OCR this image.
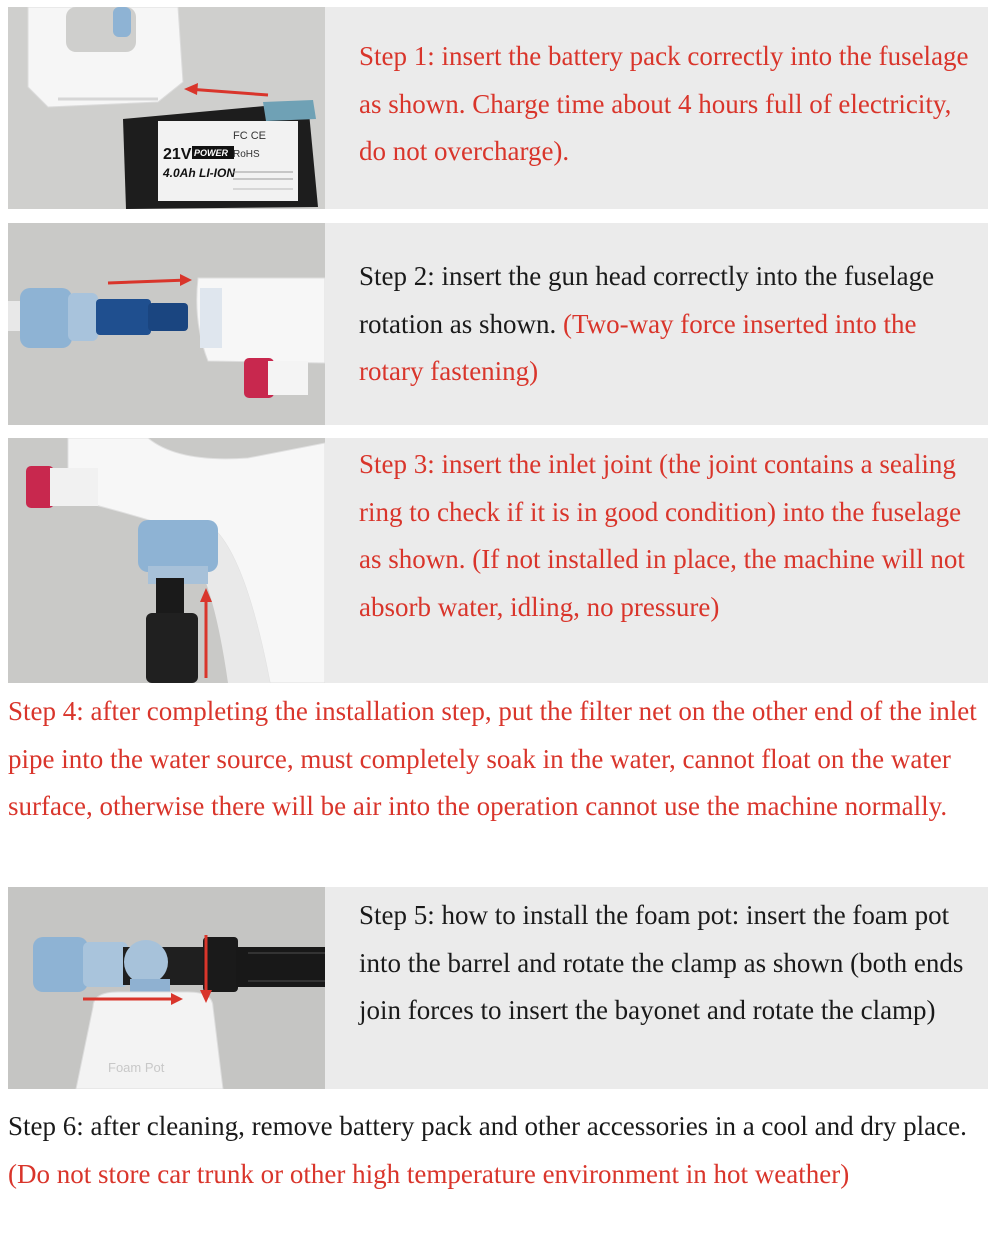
21V POWER
4.0Ah LI-ION
FC CE
RoHS

Step 1: insert the battery pack correctly into the fuselage as shown. Charge time about 4 hours full of electricity, do not overcharge).

Step 2: insert the gun head correctly into the fuselage rotation as shown. (Two-way force inserted into the rotary fastening)

Step 3: insert the inlet joint (the joint contains a sealing ring to check if it is in good condition) into the fuselage as shown. (If not installed in place, the machine will not absorb water, idling, no pressure)

Step 4: after completing the installation step, put the filter net on the other end of the inlet pipe into the water source, must completely soak in the water, cannot float on the water surface, otherwise there will be air into the operation cannot use the machine normally.

Foam Pot

Step 5: how to install the foam pot: insert the foam pot into the barrel and rotate the clamp as shown (both ends join forces to insert the bayonet and rotate the clamp)

Step 6: after cleaning, remove battery pack and other accessories in a cool and dry place. (Do not store car trunk or other high temperature environment in hot weather)
